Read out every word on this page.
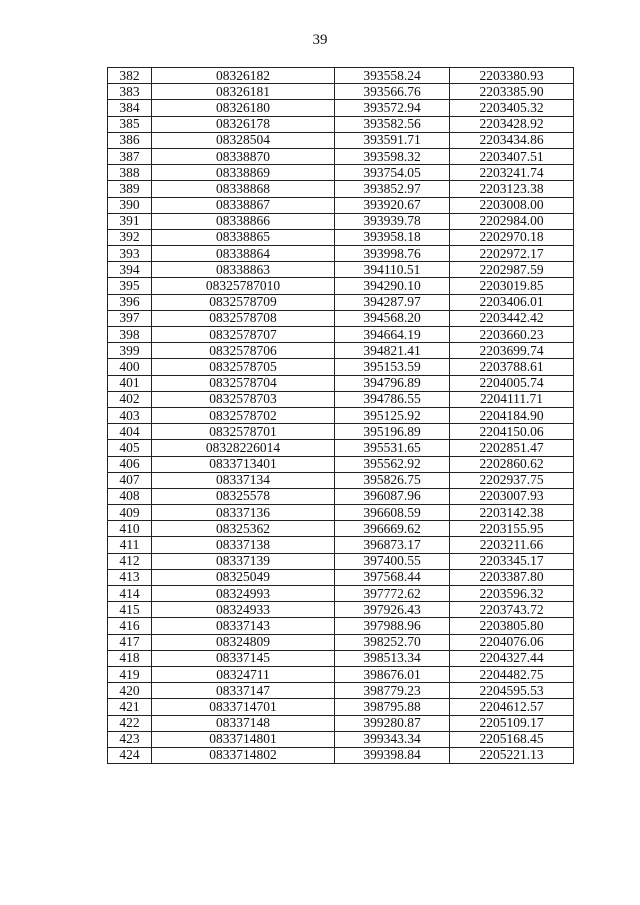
39
382	08326182	393558.24	2203380.93
383	08326181	393566.76	2203385.90
384	08326180	393572.94	2203405.32
385	08326178	393582.56	2203428.92
386	08328504	393591.71	2203434.86
387	08338870	393598.32	2203407.51
388	08338869	393754.05	2203241.74
389	08338868	393852.97	2203123.38
390	08338867	393920.67	2203008.00
391	08338866	393939.78	2202984.00
392	08338865	393958.18	2202970.18
393	08338864	393998.76	2202972.17
394	08338863	394110.51	2202987.59
395	08325787010	394290.10	2203019.85
396	0832578709	394287.97	2203406.01
397	0832578708	394568.20	2203442.42
398	0832578707	394664.19	2203660.23
399	0832578706	394821.41	2203699.74
400	0832578705	395153.59	2203788.61
401	0832578704	394796.89	2204005.74
402	0832578703	394786.55	2204111.71
403	0832578702	395125.92	2204184.90
404	0832578701	395196.89	2204150.06
405	08328226014	395531.65	2202851.47
406	0833713401	395562.92	2202860.62
407	08337134	395826.75	2202937.75
408	08325578	396087.96	2203007.93
409	08337136	396608.59	2203142.38
410	08325362	396669.62	2203155.95
411	08337138	396873.17	2203211.66
412	08337139	397400.55	2203345.17
413	08325049	397568.44	2203387.80
414	08324993	397772.62	2203596.32
415	08324933	397926.43	2203743.72
416	08337143	397988.96	2203805.80
417	08324809	398252.70	2204076.06
418	08337145	398513.34	2204327.44
419	08324711	398676.01	2204482.75
420	08337147	398779.23	2204595.53
421	0833714701	398795.88	2204612.57
422	08337148	399280.87	2205109.17
423	0833714801	399343.34	2205168.45
424	0833714802	399398.84	2205221.13
